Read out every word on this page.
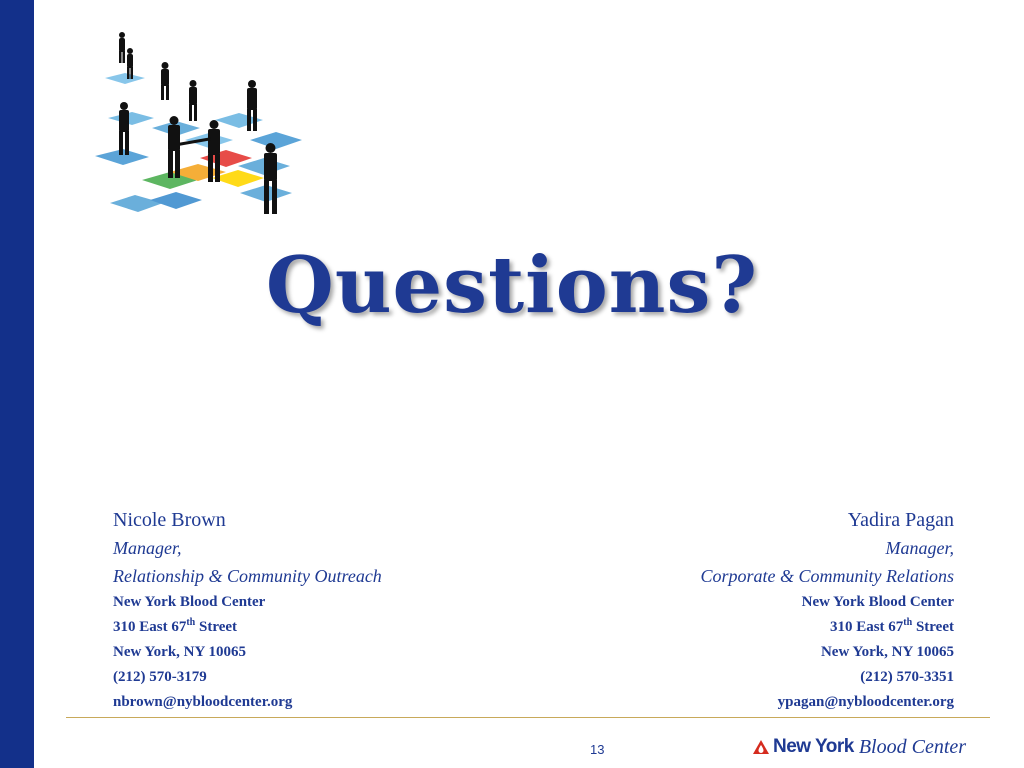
Questions?
Nicole Brown
Manager,
Relationship & Community Outreach
New York Blood Center
310 East 67th Street
New York, NY 10065
(212) 570-3179
nbrown@nybloodcenter.org
Yadira Pagan
Manager,
Corporate & Community Relations
New York Blood Center
310 East 67th Street
New York, NY 10065
(212) 570-3351
ypagan@nybloodcenter.org
13	New York Blood Center
